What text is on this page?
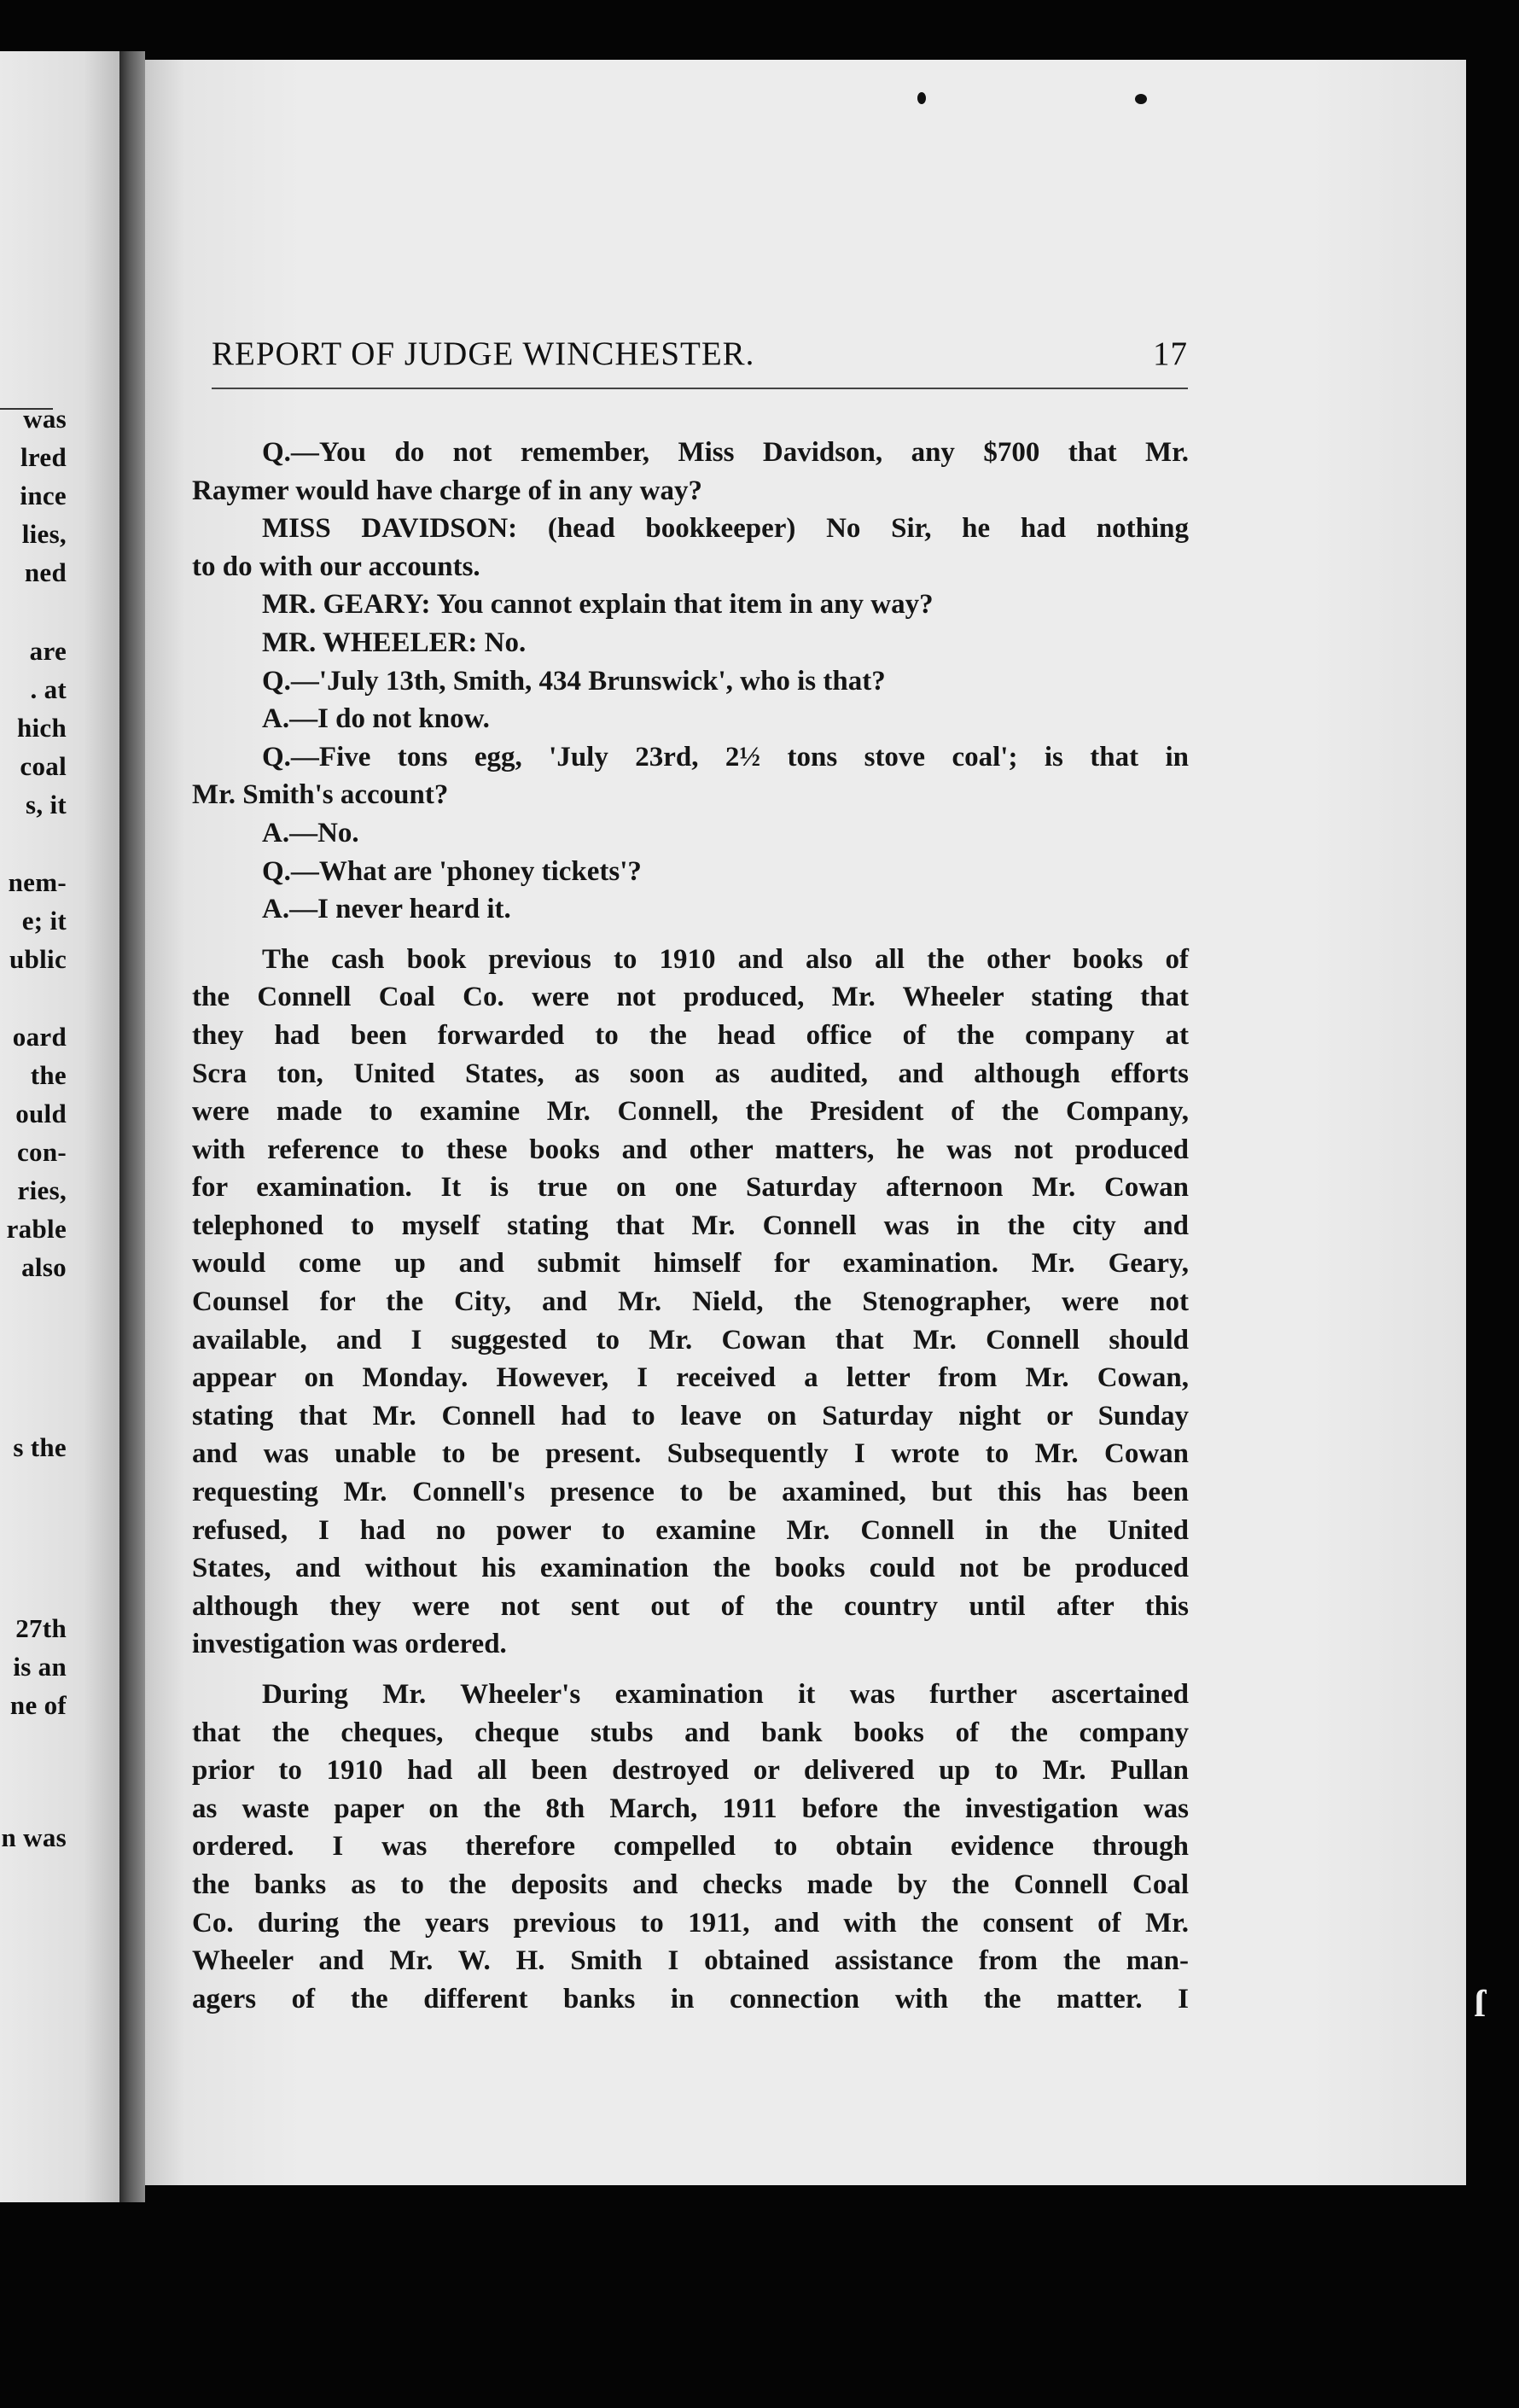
was
lred
ince
lies,
ned
are
. at
hich
coal
s, it
nem-
e; it
ublic
oard
the
ould
con-
ries,
rable
also
s the
27th
is an
ne of
n was
REPORT OF JUDGE WINCHESTER.	17
Q.—You do not remember, Miss Davidson, any $700 that Mr.
Raymer would have charge of in any way?
MISS DAVIDSON: (head bookkeeper) No Sir, he had nothing
to do with our accounts.
MR. GEARY: You cannot explain that item in any way?
MR. WHEELER: No.
Q.—'July 13th, Smith, 434 Brunswick', who is that?
A.—I do not know.
Q.—Five tons egg, 'July 23rd, 2½ tons stove coal'; is that in
Mr. Smith's account?
A.—No.
Q.—What are 'phoney tickets'?
A.—I never heard it.
The cash book previous to 1910 and also all the other books of
the Connell Coal Co. were not produced, Mr. Wheeler stating that
they had been forwarded to the head office of the company at
Scra ton, United States, as soon as audited, and although efforts
were made to examine Mr. Connell, the President of the Company,
with reference to these books and other matters, he was not produced
for examination. It is true on one Saturday afternoon Mr. Cowan
telephoned to myself stating that Mr. Connell was in the city and
would come up and submit himself for examination. Mr. Geary,
Counsel for the City, and Mr. Nield, the Stenographer, were not
available, and I suggested to Mr. Cowan that Mr. Connell should
appear on Monday. However, I received a letter from Mr. Cowan,
stating that Mr. Connell had to leave on Saturday night or Sunday
and was unable to be present. Subsequently I wrote to Mr. Cowan
requesting Mr. Connell's presence to be axamined, but this has been
refused, I had no power to examine Mr. Connell in the United
States, and without his examination the books could not be produced
although they were not sent out of the country until after this
investigation was ordered.
During Mr. Wheeler's examination it was further ascertained
that the cheques, cheque stubs and bank books of the company
prior to 1910 had all been destroyed or delivered up to Mr. Pullan
as waste paper on the 8th March, 1911 before the investigation was
ordered. I was therefore compelled to obtain evidence through
the banks as to the deposits and checks made by the Connell Coal
Co. during the years previous to 1911, and with the consent of Mr.
Wheeler and Mr. W. H. Smith I obtained assistance from the man-
agers of the different banks in connection with the matter. I	ſ
